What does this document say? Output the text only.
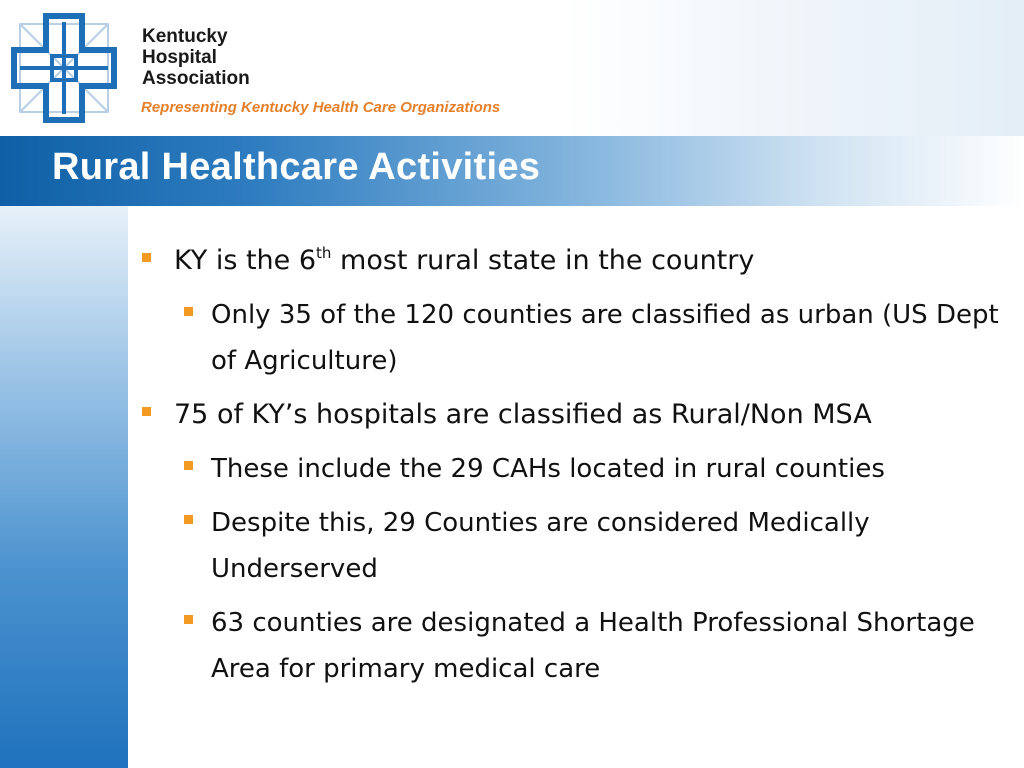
Kentucky
Hospital
Association
Representing Kentucky Health Care Organizations
Rural Healthcare Activities
KY is the 6th most rural state in the country
Only 35 of the 120 counties are classified as urban (US Dept of Agriculture)
75 of KY’s hospitals are classified as Rural/Non MSA
These include the 29 CAHs located in rural counties
Despite this, 29 Counties are considered Medically Underserved
63 counties are designated a Health Professional Shortage Area for primary medical care
